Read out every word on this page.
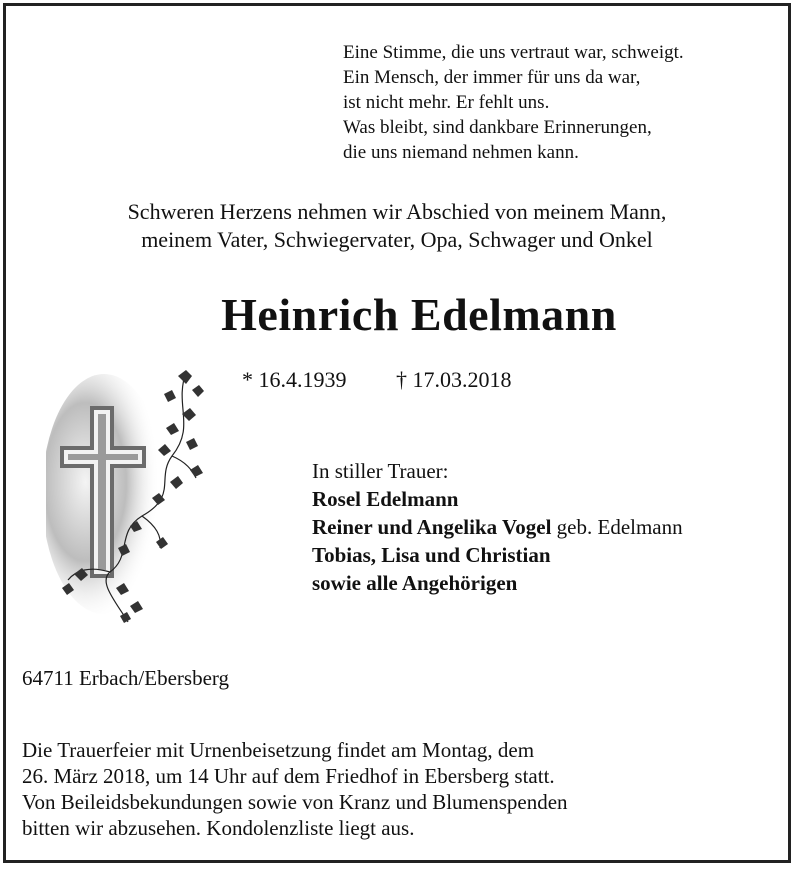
Eine Stimme, die uns vertraut war, schweigt.
Ein Mensch, der immer für uns da war,
ist nicht mehr. Er fehlt uns.
Was bleibt, sind dankbare Erinnerungen,
die uns niemand nehmen kann.
Schweren Herzens nehmen wir Abschied von meinem Mann,
meinem Vater, Schwiegervater, Opa, Schwager und Onkel
Heinrich Edelmann
* 16.4.1939 † 17.03.2018
In stiller Trauer:
Rosel Edelmann
Reiner und Angelika Vogel geb. Edelmann
Tobias, Lisa und Christian
sowie alle Angehörigen
64711 Erbach/Ebersberg
Die Trauerfeier mit Urnenbeisetzung findet am Montag, dem
26. März 2018, um 14 Uhr auf dem Friedhof in Ebersberg statt.
Von Beileidsbekundungen sowie von Kranz und Blumenspenden
bitten wir abzusehen. Kondolenzliste liegt aus.
